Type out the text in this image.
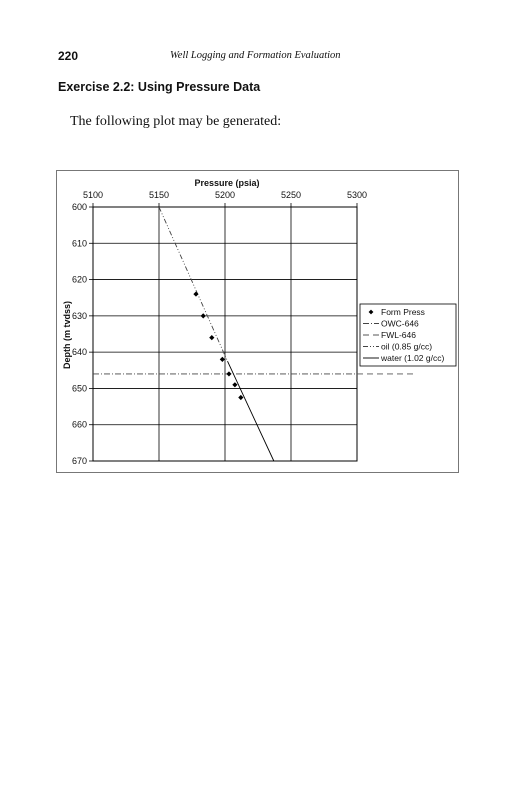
220	Well Logging and Formation Evaluation
Exercise 2.2: Using Pressure Data
The following plot may be generated:
Pressure (psia)
Depth (m tvdss)
5100	5150	5200	5250	5300
600
610
620
630
640
650
660
670
Form Press
OWC-646
FWL-646
oil (0.85 g/cc)
water (1.02 g/cc)
